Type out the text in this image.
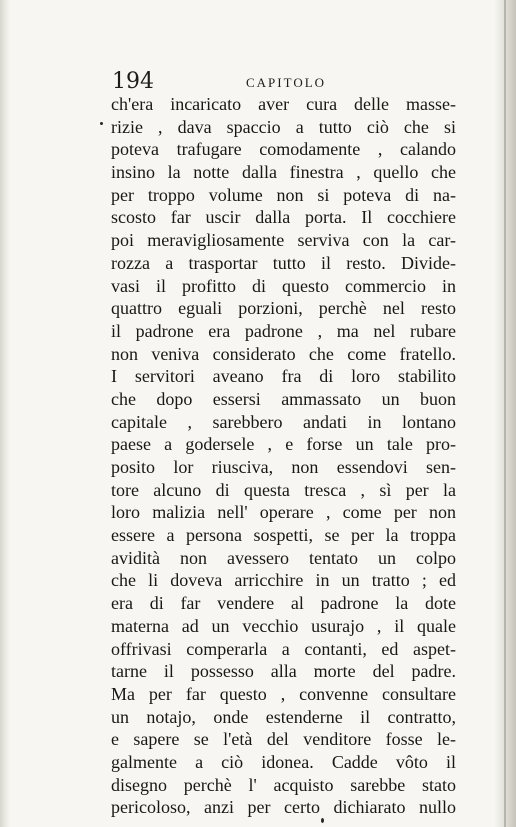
194	CAPITOLO
ch'era incaricato aver cura delle masse-
rizie , dava spaccio a tutto ciò che si
poteva trafugare comodamente , calando
insino la notte dalla finestra , quello che
per troppo volume non si poteva di na-
scosto far uscir dalla porta. Il cocchiere
poi meravigliosamente serviva con la car-
rozza a trasportar tutto il resto. Divide-
vasi il profitto di questo commercio in
quattro eguali porzioni, perchè nel resto
il padrone era padrone , ma nel rubare
non veniva considerato che come fratello.
I servitori aveano fra di loro stabilito
che dopo essersi ammassato un buon
capitale , sarebbero andati in lontano
paese a godersele , e forse un tale pro-
posito lor riusciva, non essendovi sen-
tore alcuno di questa tresca , sì per la
loro malizia nell' operare , come per non
essere a persona sospetti, se per la troppa
avidità non avessero tentato un colpo
che li doveva arricchire in un tratto ; ed
era di far vendere al padrone la dote
materna ad un vecchio usurajo , il quale
offrivasi comperarla a contanti, ed aspet-
tarne il possesso alla morte del padre.
Ma per far questo , convenne consultare
un notajo, onde estenderne il contratto,
e sapere se l'età del venditore fosse le-
galmente a ciò idonea. Cadde vôto il
disegno perchè l' acquisto sarebbe stato
pericoloso, anzi per certo dichiarato nullo
